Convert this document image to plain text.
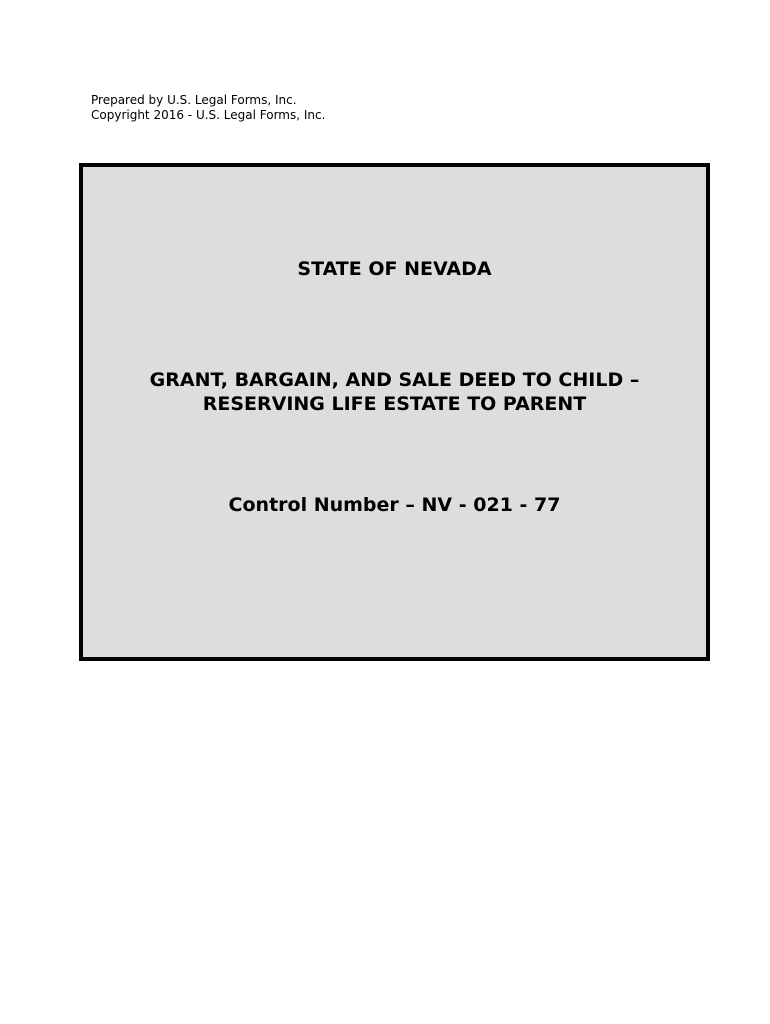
Prepared by U.S. Legal Forms, Inc.
Copyright 2016 - U.S. Legal Forms, Inc.
STATE OF NEVADA
GRANT, BARGAIN, AND SALE DEED TO CHILD –
RESERVING LIFE ESTATE TO PARENT
Control Number – NV - 021 - 77
